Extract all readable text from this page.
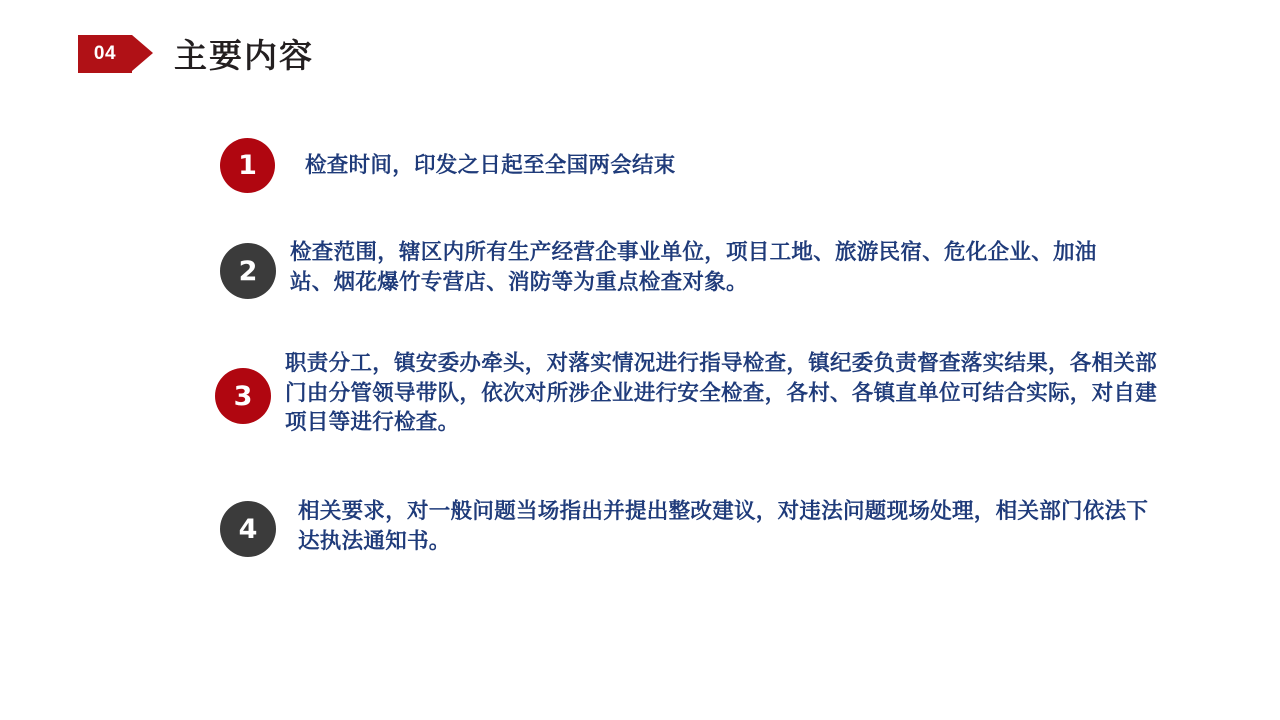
04	主要内容
1 检查时间，印发之日起至全国两会结束
2
检查范围，辖区内所有生产经营企事业单位，项目工地、旅游民宿、危化企业、加油站、烟花爆竹专营店、消防等为重点检查对象。
3
职责分工，镇安委办牵头，对落实情况进行指导检查，镇纪委负责督查落实结果，各相关部门由分管领导带队，依次对所涉企业进行安全检查，各村、各镇直单位可结合实际，对自建项目等进行检查。
4
相关要求，对一般问题当场指出并提出整改建议，对违法问题现场处理，相关部门依法下达执法通知书。
